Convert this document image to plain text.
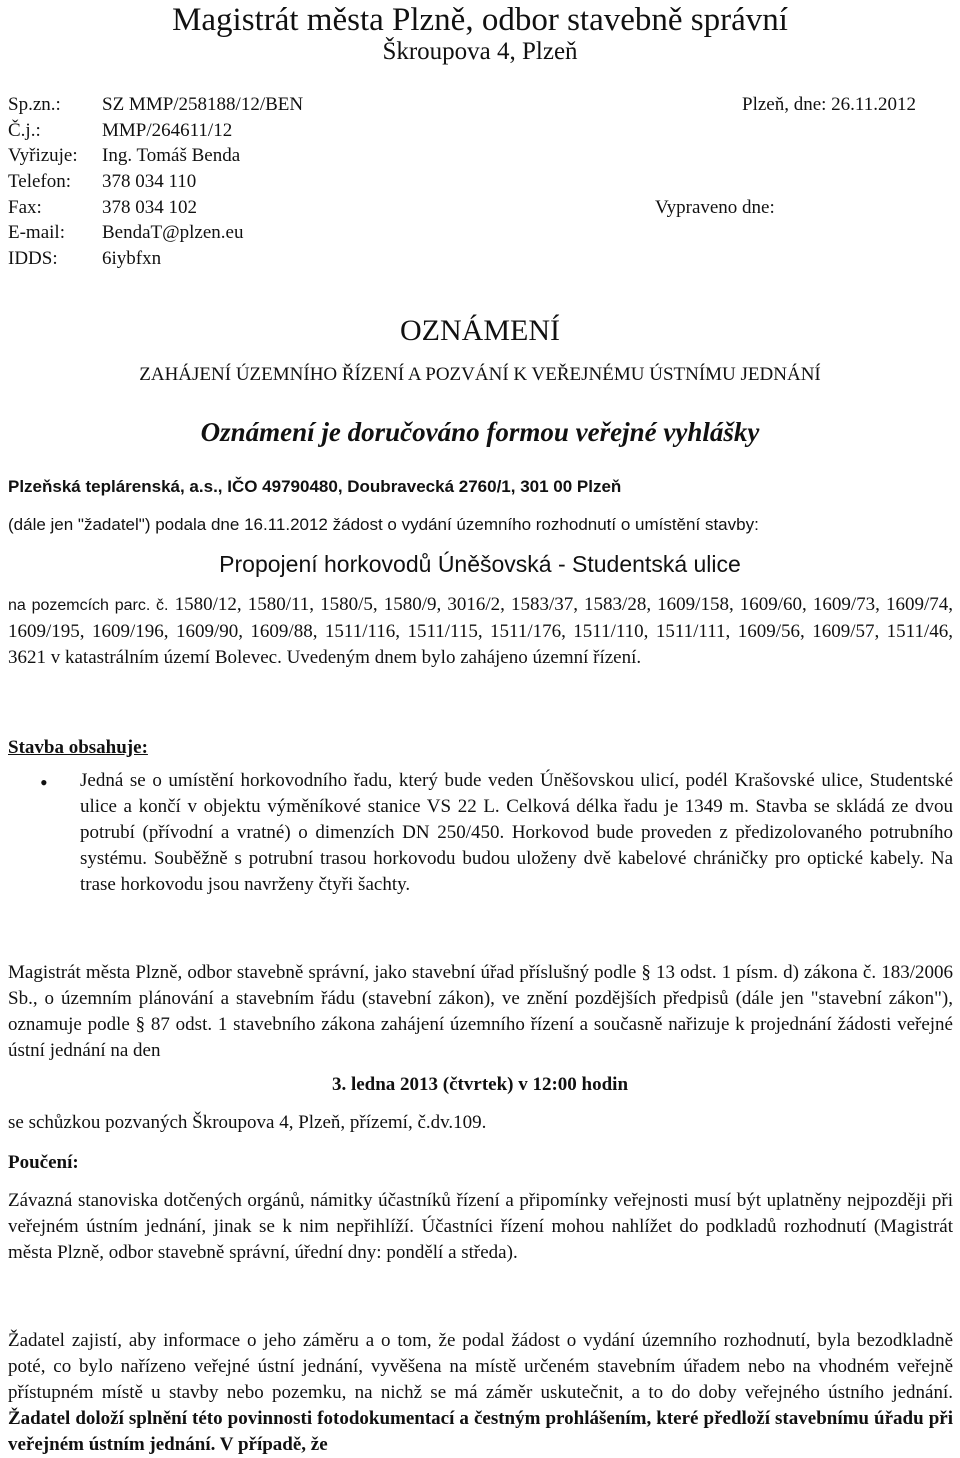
Magistrát města Plzně, odbor stavebně správní
Škroupova 4, Plzeň
Sp.zn.: SZ MMP/258188/12/BEN
Č.j.:	MMP/264611/12
Vyřizuje: Ing. Tomáš Benda
Telefon: 378 034 110
Fax:	378 034 102
E-mail: BendaT@plzen.eu
IDDS: 6iybfxn
Plzeň, dne: 26.11.2012
Vypraveno dne:
OZNÁMENÍ
ZAHÁJENÍ ÚZEMNÍHO ŘÍZENÍ A POZVÁNÍ K VEŘEJNÉMU ÚSTNÍMU JEDNÁNÍ
Oznámení je doručováno formou veřejné vyhlášky
Plzeňská teplárenská, a.s., IČO 49790480, Doubravecká 2760/1, 301 00 Plzeň
(dále jen "žadatel") podala dne 16.11.2012 žádost o vydání územního rozhodnutí o umístění stavby:
Propojení horkovodů Úněšovská - Studentská ulice
na pozemcích parc. č. 1580/12, 1580/11, 1580/5, 1580/9, 3016/2, 1583/37, 1583/28, 1609/158, 1609/60, 1609/73, 1609/74, 1609/195, 1609/196, 1609/90, 1609/88, 1511/116, 1511/115, 1511/176, 1511/110, 1511/111, 1609/56, 1609/57, 1511/46, 3621 v katastrálním území Bolevec. Uvedeným dnem bylo zahájeno územní řízení.
Stavba obsahuje:
• Jedná se o umístění horkovodního řadu, který bude veden Úněšovskou ulicí, podél Krašovské ulice, Studentské ulice a končí v objektu výměníkové stanice VS 22 L. Celková délka řadu je 1349 m. Stavba se skládá ze dvou potrubí (přívodní a vratné) o dimenzích DN 250/450. Horkovod bude proveden z předizolovaného potrubního systému. Souběžně s potrubní trasou horkovodu budou uloženy dvě kabelové chráničky pro optické kabely. Na trase horkovodu jsou navrženy čtyři šachty.
Magistrát města Plzně, odbor stavebně správní, jako stavební úřad příslušný podle § 13 odst. 1 písm. d) zákona č. 183/2006 Sb., o územním plánování a stavebním řádu (stavební zákon), ve znění pozdějších předpisů (dále jen "stavební zákon"), oznamuje podle § 87 odst. 1 stavebního zákona zahájení územního řízení a současně nařizuje k projednání žádosti veřejné ústní jednání na den
3. ledna 2013 (čtvrtek) v 12:00 hodin
se schůzkou pozvaných Škroupova 4, Plzeň, přízemí, č.dv.109.
Poučení:
Závazná stanoviska dotčených orgánů, námitky účastníků řízení a připomínky veřejnosti musí být uplatněny nejpozději při veřejném ústním jednání, jinak se k nim nepřihlíží. Účastníci řízení mohou nahlížet do podkladů rozhodnutí (Magistrát města Plzně, odbor stavebně správní, úřední dny: pondělí a středa).
Žadatel zajistí, aby informace o jeho záměru a o tom, že podal žádost o vydání územního rozhodnutí, byla bezodkladně poté, co bylo nařízeno veřejné ústní jednání, vyvěšena na místě určeném stavebním úřadem nebo na vhodném veřejně přístupném místě u stavby nebo pozemku, na nichž se má záměr uskutečnit, a to do doby veřejného ústního jednání. Žadatel doloží splnění této povinnosti fotodokumentací a čestným prohlášením, které předloží stavebnímu úřadu při veřejném ústním jednání. V případě, že
